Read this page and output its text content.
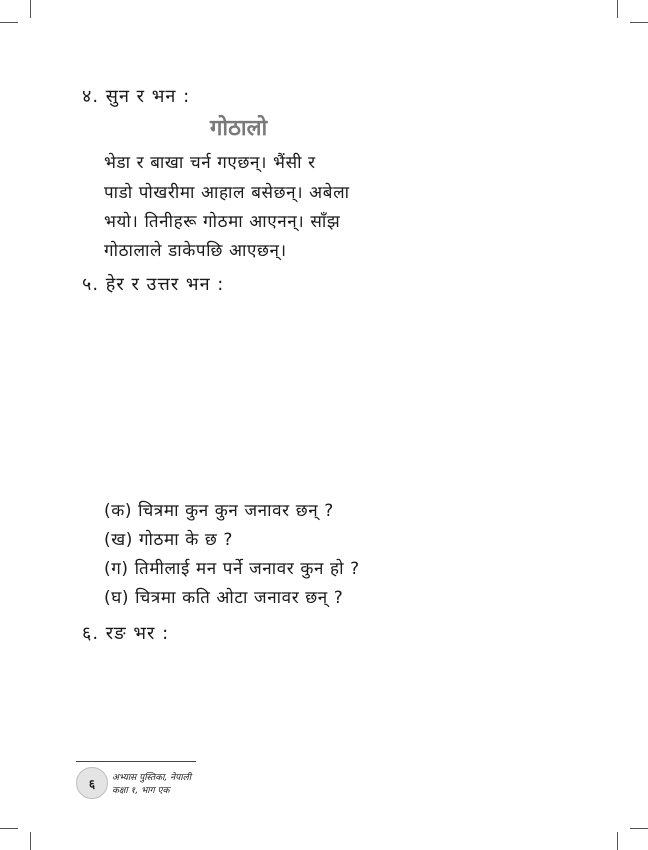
४. सुन र भन :
गोठालो
भेडा र बाखा चर्न गएछन्। भैंसी र
पाडो पोखरीमा आहाल बसेछन्। अबेला
भयो। तिनीहरू गोठमा आएनन्। साँझ
गोठालाले डाकेपछि आएछन्।
५. हेर र उत्तर भन :
(क) चित्रमा कुन कुन जनावर छन् ?
(ख) गोठमा के छ ?
(ग) तिमीलाई मन पर्ने जनावर कुन हो ?
(घ) चित्रमा कति ओटा जनावर छन् ?
६. रङ भर :
६ अभ्यास पुस्तिका, नेपाली
कक्षा १, भाग एक
